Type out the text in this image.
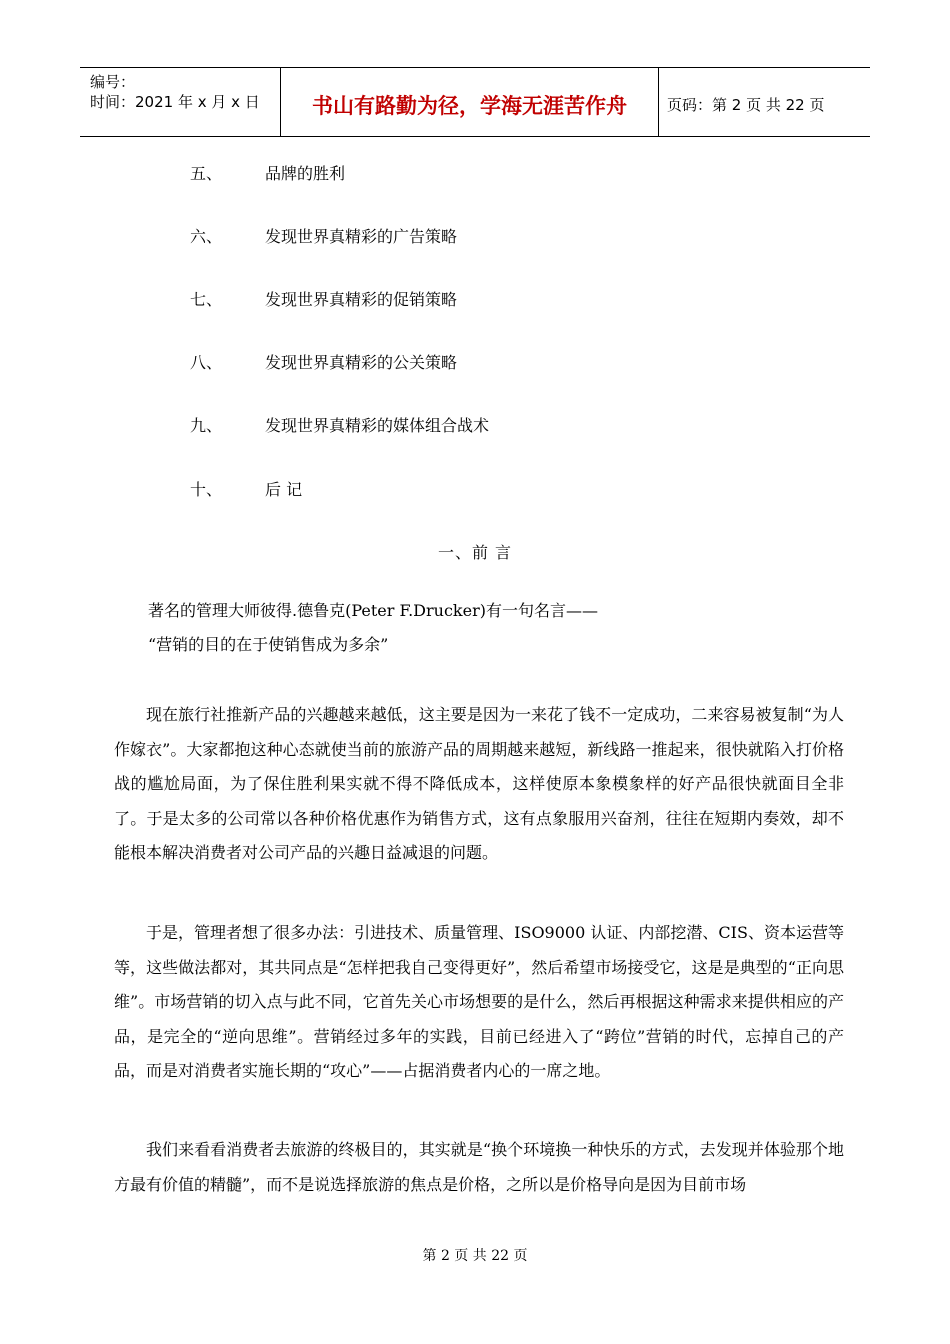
编号：
时间：2021 年 x 月 x 日	书山有路勤为径，学海无涯苦作舟	页码：第 2 页 共 22 页
五、	品牌的胜利
六、	发现世界真精彩的广告策略
七、	发现世界真精彩的促销策略
八、	发现世界真精彩的公关策略
九、	发现世界真精彩的媒体组合战术
十、	后 记
一、前 言
著名的管理大师彼得.德鲁克(Peter F.Drucker)有一句名言——
“营销的目的在于使销售成为多余”
现在旅行社推新产品的兴趣越来越低，这主要是因为一来花了钱不一定成功，二来容易被复制“为人作嫁衣”。大家都抱这种心态就使当前的旅游产品的周期越来越短，新线路一推起来，很快就陷入打价格战的尴尬局面，为了保住胜利果实就不得不降低成本，这样使原本象模象样的好产品很快就面目全非了。于是太多的公司常以各种价格优惠作为销售方式，这有点象服用兴奋剂，往往在短期内奏效，却不能根本解决消费者对公司产品的兴趣日益减退的问题。
于是，管理者想了很多办法：引进技术、质量管理、ISO9000 认证、内部挖潜、CIS、资本运营等等，这些做法都对，其共同点是“怎样把我自己变得更好”，然后希望市场接受它，这是是典型的“正向思维”。市场营销的切入点与此不同，它首先关心市场想要的是什么，然后再根据这种需求来提供相应的产品，是完全的“逆向思维”。营销经过多年的实践，目前已经进入了“跨位”营销的时代，忘掉自己的产品，而是对消费者实施长期的“攻心”——占据消费者内心的一席之地。
我们来看看消费者去旅游的终极目的，其实就是“换个环境换一种快乐的方式，去发现并体验那个地方最有价值的精髓”，而不是说选择旅游的焦点是价格，之所以是价格导向是因为目前市场
第 2 页 共 22 页
